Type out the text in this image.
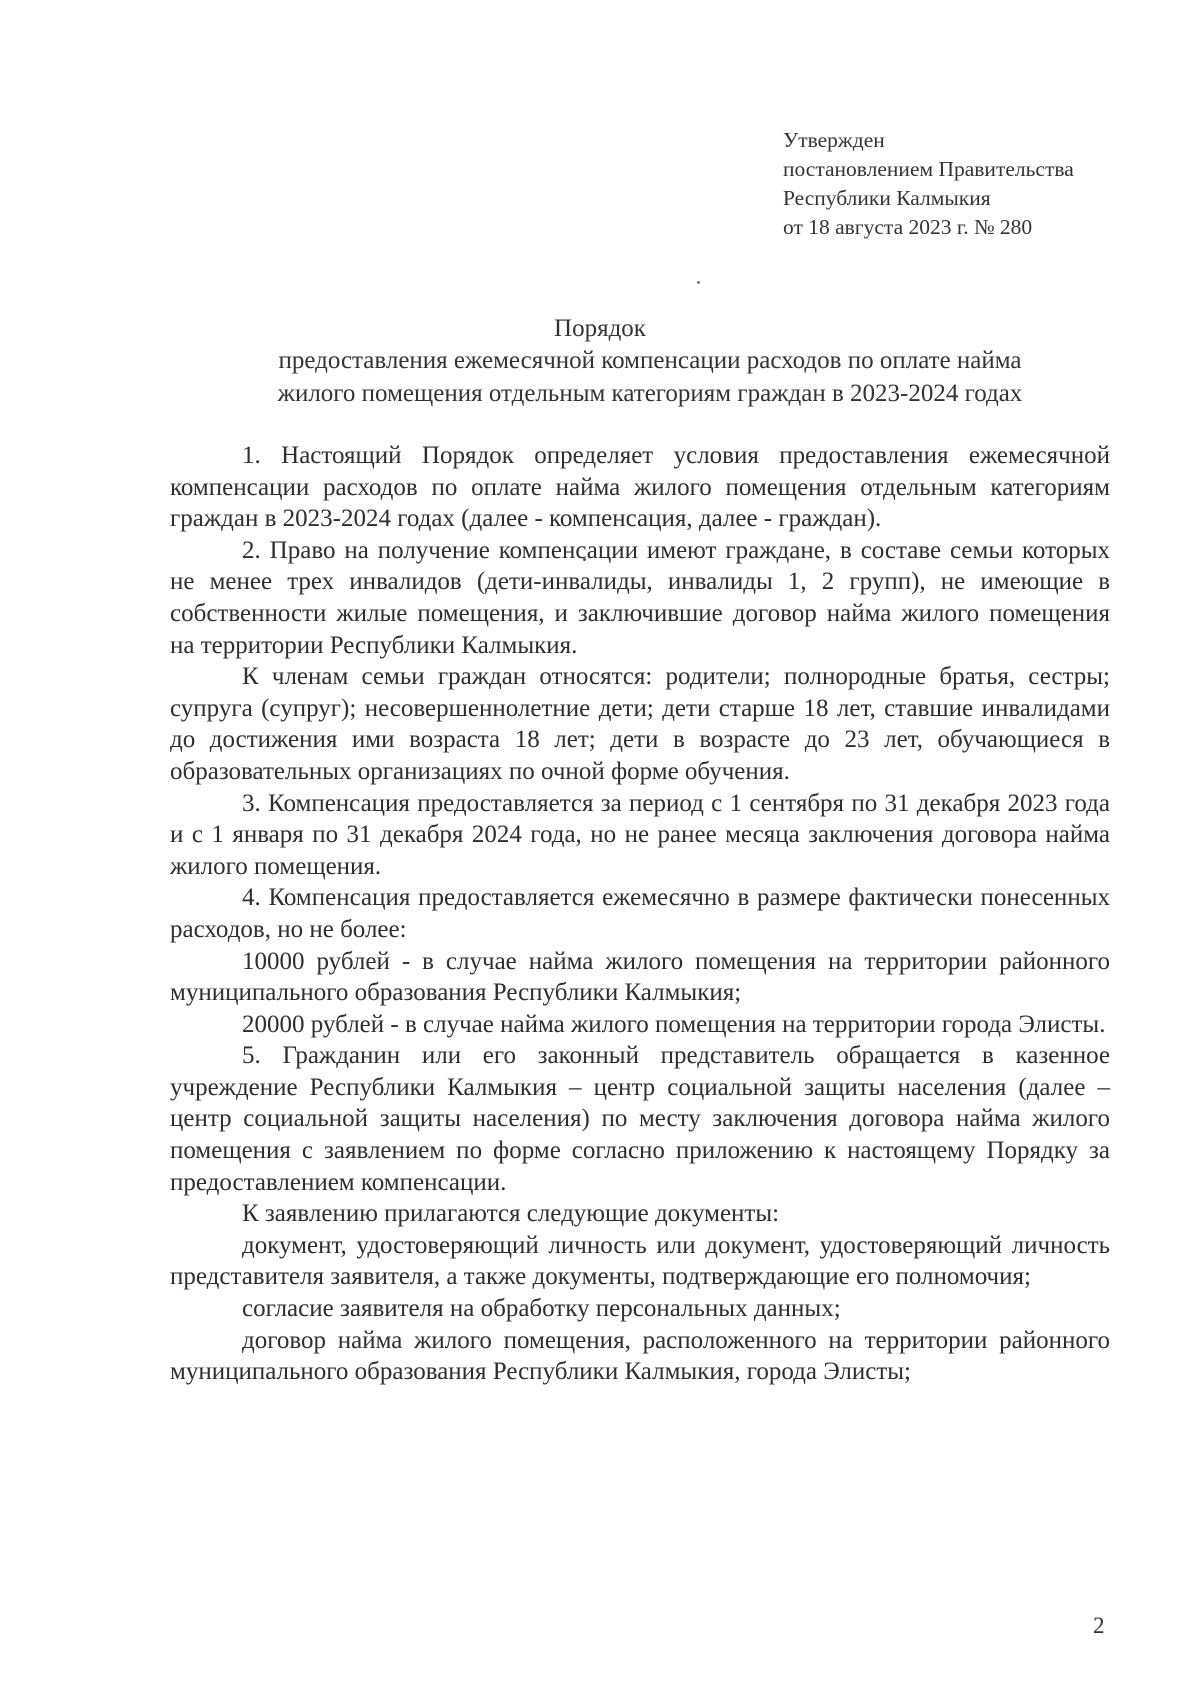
Утвержден
постановлением Правительства
Республики Калмыкия
от 18 августа 2023 г. № 280
Порядок
предоставления ежемесячной компенсации расходов по оплате найма
жилого помещения отдельным категориям граждан в 2023-2024 годах

1. Настоящий Порядок определяет условия предоставления ежемесячной компенсации расходов по оплате найма жилого помещения отдельным категориям граждан в 2023-2024 годах (далее - компенсация, далее - граждан).

2. Право на получение компенсации имеют граждане, в составе семьи которых не менее трех инвалидов (дети-инвалиды, инвалиды 1, 2 групп), не имеющие в собственности жилые помещения, и заключившие договор найма жилого помещения на территории Республики Калмыкия.

К членам семьи граждан относятся: родители; полнородные братья, сестры; супруга (супруг); несовершеннолетние дети; дети старше 18 лет, ставшие инвалидами до достижения ими возраста 18 лет; дети в возрасте до 23 лет, обучающиеся в образовательных организациях по очной форме обучения.

3. Компенсация предоставляется за период с 1 сентября по 31 декабря 2023 года и с 1 января по 31 декабря 2024 года, но не ранее месяца заключения договора найма жилого помещения.

4. Компенсация предоставляется ежемесячно в размере фактически понесенных расходов, но не более:

10000 рублей - в случае найма жилого помещения на территории районного муниципального образования Республики Калмыкия;

20000 рублей - в случае найма жилого помещения на территории города Элисты.

5. Гражданин или его законный представитель обращается в казенное учреждение Республики Калмыкия – центр социальной защиты населения (далее – центр социальной защиты населения) по месту заключения договора найма жилого помещения с заявлением по форме согласно приложению к настоящему Порядку за предоставлением компенсации.

К заявлению прилагаются следующие документы:

документ, удостоверяющий личность или документ, удостоверяющий личность представителя заявителя, а также документы, подтверждающие его полномочия;

согласие заявителя на обработку персональных данных;

договор найма жилого помещения, расположенного на территории районного муниципального образования Республики Калмыкия, города Элисты;

2
